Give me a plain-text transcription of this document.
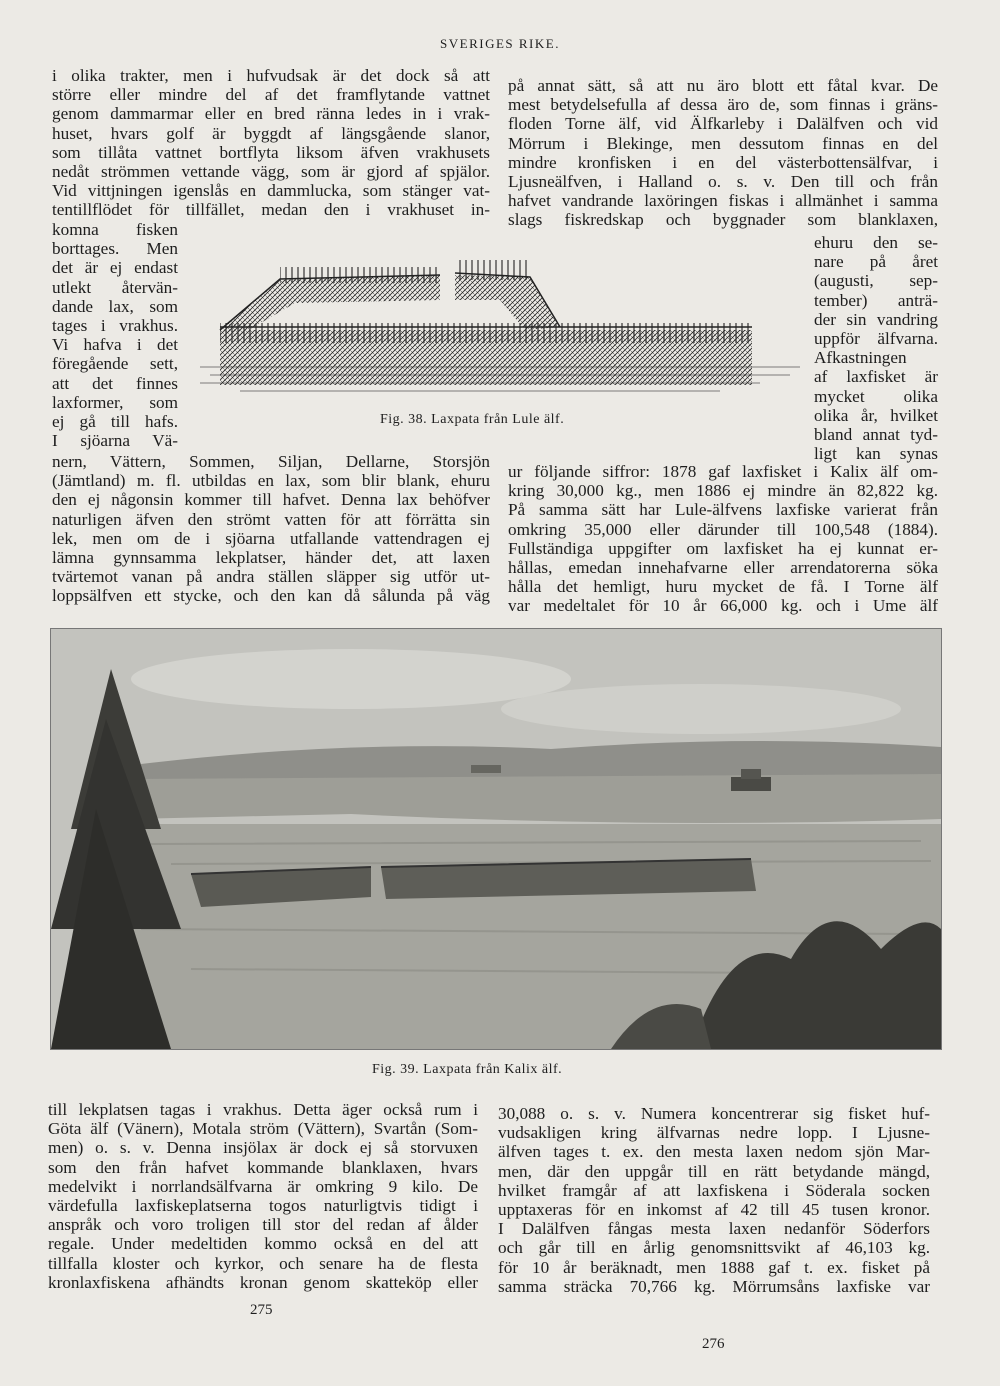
SVERIGES RIKE.
i olika trakter, men i hufvudsak är det dock så att
större eller mindre del af det framflytande vattnet
genom dammarmar eller en bred ränna ledes in i vrak-
huset, hvars golf är byggdt af längsgående slanor,
som tillåta vattnet bortflyta liksom äfven vrakhusets
nedåt strömmen vettande vägg, som är gjord af spjälor.
Vid vittjningen igenslås en dammlucka, som stänger vat-
tentillflödet för tillfället, medan den i vrakhuset in-
komna fisken
borttages. Men
det är ej endast
utlekt återvän-
dande lax, som
tages i vrakhus.
Vi hafva i det
föregående sett,
att det finnes
laxformer, som
ej gå till hafs.
I sjöarna Vä-
nern, Vättern, Sommen, Siljan, Dellarne, Storsjön
(Jämtland) m. fl. utbildas en lax, som blir blank, ehuru
den ej någonsin kommer till hafvet. Denna lax behöfver
naturligen äfven den strömt vatten för att förrätta sin
lek, men om de i sjöarna utfallande vattendragen ej
lämna gynnsamma lekplatser, händer det, att laxen
tvärtemot vanan på andra ställen släpper sig utför ut-
loppsälfven ett stycke, och den kan då sålunda på väg
på annat sätt, så att nu äro blott ett fåtal kvar. De
mest betydelsefulla af dessa äro de, som finnas i gräns-
floden Torne älf, vid Älfkarleby i Dalälfven och vid
Mörrum i Blekinge, men dessutom finnas en del
mindre kronfisken i en del västerbottensälfvar, i
Ljusneälfven, i Halland o. s. v. Den till och från
hafvet vandrande laxöringen fiskas i allmänhet i samma
slags fiskredskap och byggnader som blanklaxen,
ehuru den se-
nare på året
(augusti, sep-
tember) anträ-
der sin vandring
uppför älfvarna.
Afkastningen
af laxfisket är
mycket olika
olika år, hvilket
bland annat tyd-
ligt kan synas
ur följande siffror: 1878 gaf laxfisket i Kalix älf om-
kring 30,000 kg., men 1886 ej mindre än 82,822 kg.
På samma sätt har Lule-älfvens laxfiske varierat från
omkring 35,000 eller därunder till 100,548 (1884).
Fullständiga uppgifter om laxfisket ha ej kunnat er-
hållas, emedan innehafvarne eller arrendatorerna söka
hålla det hemligt, huru mycket de få. I Torne älf
var medeltalet för 10 år 66,000 kg. och i Ume älf
Fig. 38. Laxpata från Lule älf.
Fig. 39. Laxpata från Kalix älf.
till lekplatsen tagas i vrakhus. Detta äger också rum i
Göta älf (Vänern), Motala ström (Vättern), Svartån (Som-
men) o. s. v. Denna insjölax är dock ej så storvuxen
som den från hafvet kommande blanklaxen, hvars
medelvikt i norrlandsälfvarna är omkring 9 kilo. De
värdefulla laxfiskeplatserna togos naturligtvis tidigt i
anspråk och voro troligen till stor del redan af ålder
regale. Under medeltiden kommo också en del att
tillfalla kloster och kyrkor, och senare ha de flesta
kronlaxfiskena afhändts kronan genom skatteköp eller
30,088 o. s. v. Numera koncentrerar sig fisket huf-
vudsakligen kring älfvarnas nedre lopp. I Ljusne-
älfven tages t. ex. den mesta laxen nedom sjön Mar-
men, där den uppgår till en rätt betydande mängd,
hvilket framgår af att laxfiskena i Söderala socken
upptaxeras för en inkomst af 42 till 45 tusen kronor.
I Dalälfven fångas mesta laxen nedanför Söderfors
och går till en årlig genomsnittsvikt af 46,103 kg.
för 10 år beräknadt, men 1888 gaf t. ex. fisket på
samma sträcka 70,766 kg. Mörrumsåns laxfiske var
275
276
